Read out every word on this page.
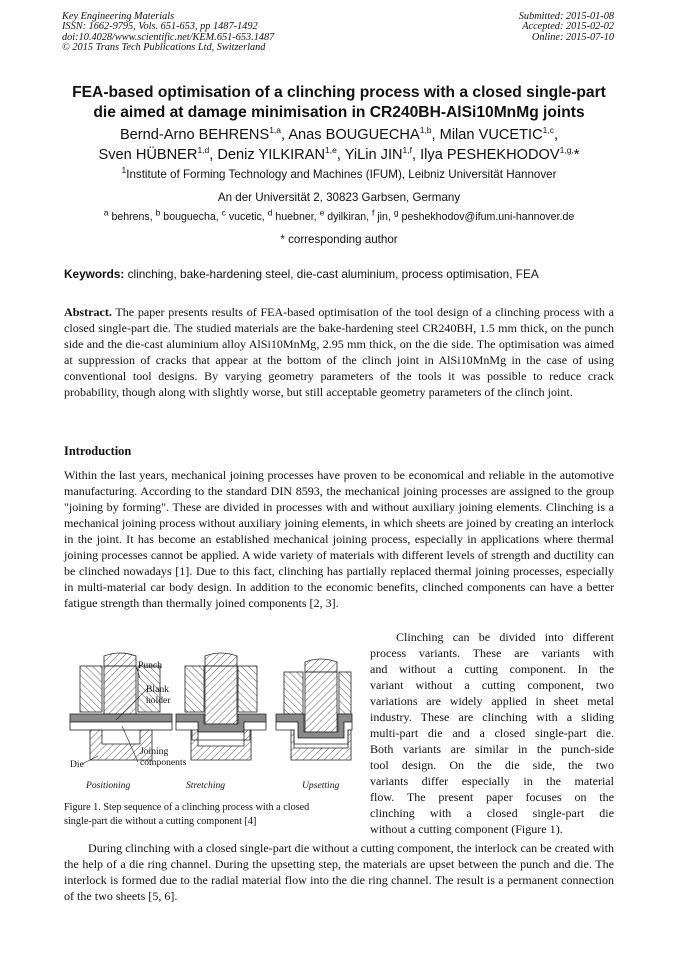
Key Engineering Materials
ISSN: 1662-9795, Vols. 651-653, pp 1487-1492
doi:10.4028/www.scientific.net/KEM.651-653.1487
© 2015 Trans Tech Publications Ltd, Switzerland
Submitted: 2015-01-08
Accepted: 2015-02-02
Online: 2015-07-10
FEA-based optimisation of a clinching process with a closed single-part
die aimed at damage minimisation in CR240BH-AlSi10MnMg joints
Bernd-Arno BEHRENS$^{1,a}$, Anas BOUGUECHA$^{1,b}$, Milan VUCETIC$^{1,c}$,
Sven HÜBNER$^{1,d}$, Deniz YILKIRAN$^{1,e}$, YiLin JIN$^{1,f}$, Ilya $PESHEKHODOV^{1,g,}*$
$^1$Institute of Forming Technology and Machines (IFUM), Leibniz Universität Hannover
An der Universität 2, 30823 Garbsen, Germany
$^a$ behrens, $^b$ bouguecha, $^c$ vucetic, $^d$ huebner, $^e$ dyilkiran, $^f$ jin, $^g$ peshekhodov@ifum.uni-hannover.de
* corresponding author
Keywords: clinching, bake-hardening steel, die-cast aluminium, process optimisation, FEA

Abstract. The paper presents results of FEA-based optimisation of the tool design of a clinching process with a closed single-part die. The studied materials are the bake-hardening steel CR240BH, 1.5 mm thick, on the punch side and the die-cast aluminium alloy AlSi10MnMg, 2.95 mm thick, on the die side. The optimisation was aimed at suppression of cracks that appear at the bottom of the clinch joint in AlSi10MnMg in the case of using conventional tool designs. By varying geometry parameters of the tools it was possible to reduce crack probability, though along with slightly worse, but still acceptable geometry parameters of the clinch joint.

Introduction

Within the last years, mechanical joining processes have proven to be economical and reliable in the automotive manufacturing. According to the standard DIN 8593, the mechanical joining processes are assigned to the group "joining by forming". These are divided in processes with and without auxiliary joining elements. Clinching is a mechanical joining process without auxiliary joining elements, in which sheets are joined by creating an interlock in the joint. It has become an established mechanical joining process, especially in applications where thermal joining processes cannot be applied. A wide variety of materials with different levels of strength and ductility can be clinched nowadays [1]. Due to this fact, clinching has partially replaced thermal joining processes, especially in multi-material car body design. In addition to the economic benefits, clinched components can have a better fatigue strength than thermally joined components [2, 3].

Clinching can be divided into different
process variants. These are variants with
and without a cutting component. In the
variant without a cutting component, two
variations are widely applied in sheet metal
industry. These are clinching with a sliding
multi-part die and a closed single-part die.
Both variants are similar in the punch-side
tool design. On the die side, the two
variants differ especially in the material
flow. The present paper focuses on the
clinching with a closed single-part die
without a cutting component (Figure 1).
Punch
Blank
holder
Joining
components
Die
Positioning	Stretching	Upsetting
Figure 1. Step sequence of a clinching process with a closed
single-part die without a cutting component [4]

During clinching with a closed single-part die without a cutting component, the interlock can be created with the help of a die ring channel. During the upsetting step, the materials are upset between the punch and die. The interlock is formed due to the radial material flow into the die ring channel. The result is a permanent connection of the two sheets [5, 6].
